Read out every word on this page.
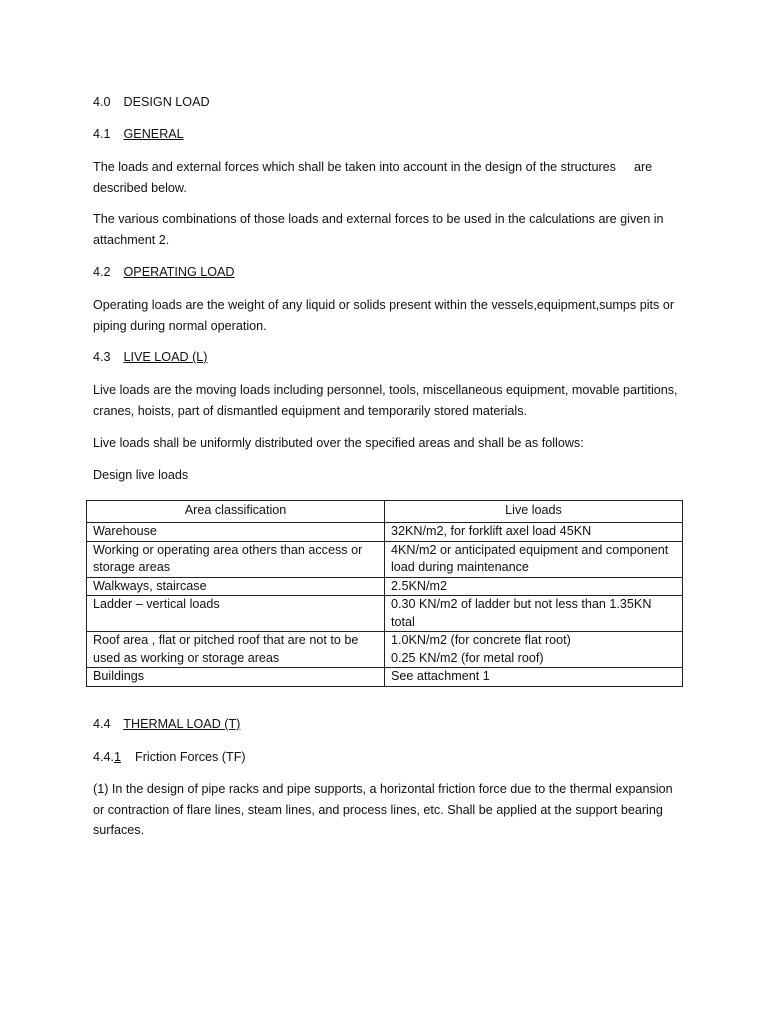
4.0 DESIGN LOAD
4.1 GENERAL
The loads and external forces which shall be taken into account in the design of the structures are
described below.
The various combinations of those loads and external forces to be used in the calculations are given in attachment 2.
4.2 OPERATING LOAD
Operating loads are the weight of any liquid or solids present within the vessels,equipment,sumps pits or piping during normal operation.
4.3 LIVE LOAD (L)
Live loads are the moving loads including personnel, tools, miscellaneous equipment, movable partitions, cranes, hoists, part of dismantled equipment and temporarily stored materials.
Live loads shall be uniformly distributed over the specified areas and shall be as follows:
Design live loads
Area classification	Live loads
Warehouse	32KN/m2, for forklift axel load 45KN
Working or operating area others than access or storage areas	4KN/m2 or anticipated equipment and component load during maintenance
Walkways, staircase	2.5KN/m2
Ladder – vertical loads	0.30 KN/m2 of ladder but not less than 1.35KN total
Roof area , flat or pitched roof that are not to be used as working or storage areas	1.0KN/m2 (for concrete flat root)
0.25 KN/m2 (for metal roof)

Buildings	See attachment 1
4.4 THERMAL LOAD (T)
4.4.1 Friction Forces (TF)
(1) In the design of pipe racks and pipe supports, a horizontal friction force due to the thermal expansion or contraction of flare lines, steam lines, and process lines, etc. Shall be applied at the support bearing surfaces.
